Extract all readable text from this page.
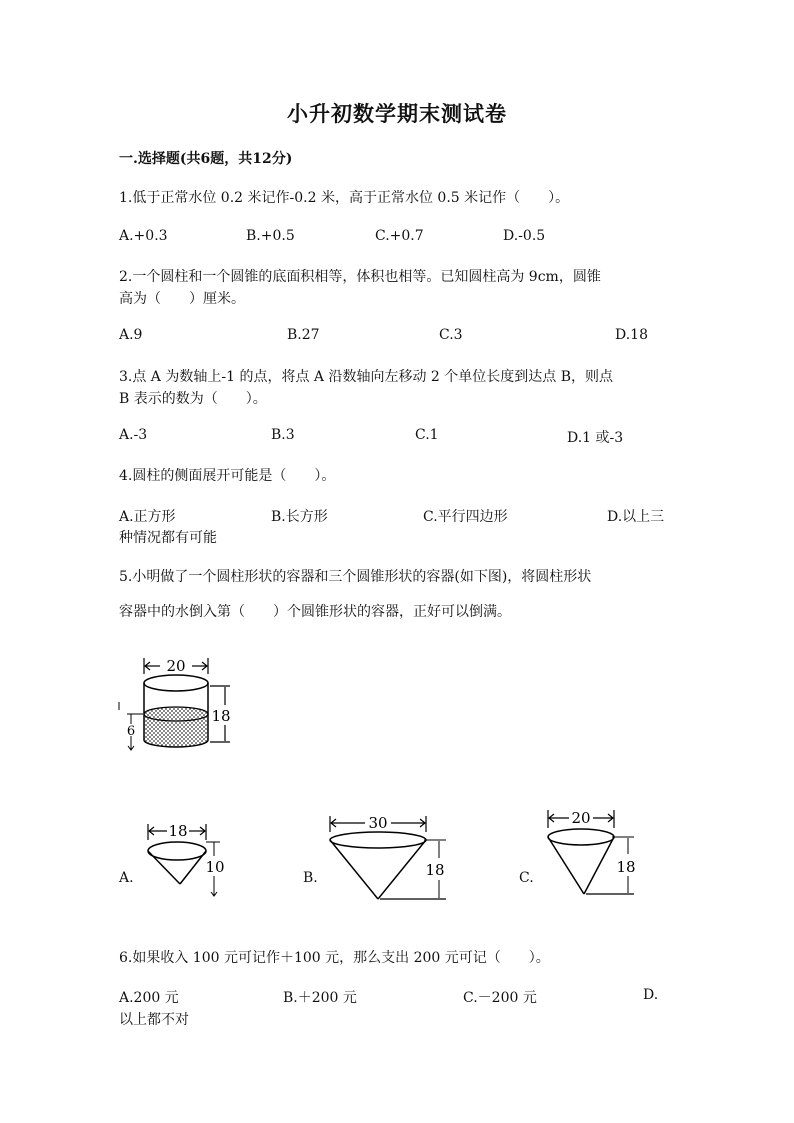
小升初数学期末测试卷
一.选择题(共6题，共12分)
1.低于正常水位 0.2 米记作-0.2 米，高于正常水位 0.5 米记作（　　）。
A.+0.3	B.+0.5	C.+0.7	D.-0.5
2.一个圆柱和一个圆锥的底面积相等，体积也相等。已知圆柱高为 9cm，圆锥
高为（　　）厘米。
A.9	B.27	C.3	D.18
3.点 A 为数轴上-1 的点，将点 A 沿数轴向左移动 2 个单位长度到达点 B，则点
B 表示的数为（　　）。
A.-3	B.3	C.1	D.1 或-3
4.圆柱的侧面展开可能是（　　）。
A.正方形	B.长方形	C.平行四边形	D.以上三
种情况都有可能
5.小明做了一个圆柱形状的容器和三个圆锥形状的容器(如下图)，将圆柱形状
容器中的水倒入第（　　）个圆锥形状的容器，正好可以倒满。
20
18
6
A.
18
10
B.
30
18	C.
20
18
6.如果收入 100 元可记作＋100 元，那么支出 200 元可记（　　）。
A.200 元	B.＋200 元	C.－200 元	D.
以上都不对
